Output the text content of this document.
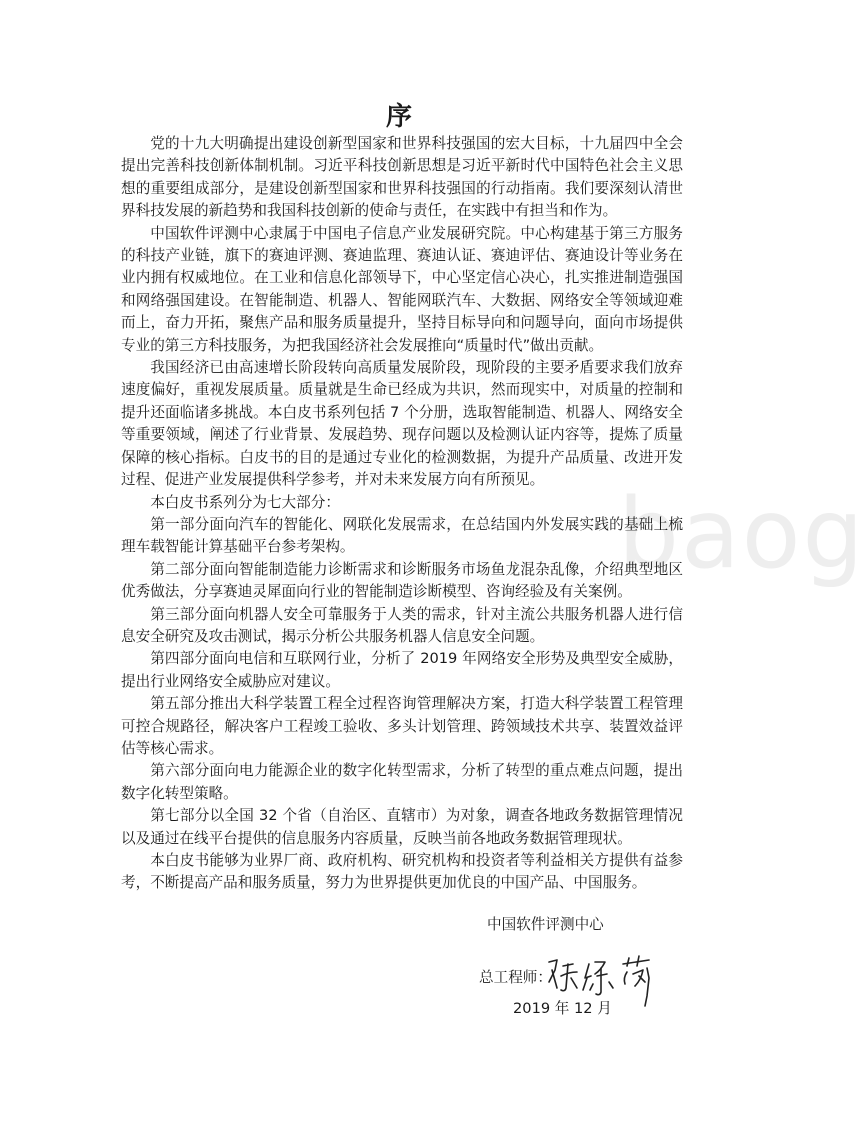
baog
序

党的十九大明确提出建设创新型国家和世界科技强国的宏大目标，十九届四中全会提出完善科技创新体制机制。习近平科技创新思想是习近平新时代中国特色社会主义思想的重要组成部分，是建设创新型国家和世界科技强国的行动指南。我们要深刻认清世界科技发展的新趋势和我国科技创新的使命与责任，在实践中有担当和作为。

中国软件评测中心隶属于中国电子信息产业发展研究院。中心构建基于第三方服务的科技产业链，旗下的赛迪评测、赛迪监理、赛迪认证、赛迪评估、赛迪设计等业务在业内拥有权威地位。在工业和信息化部领导下，中心坚定信心决心，扎实推进制造强国和网络强国建设。在智能制造、机器人、智能网联汽车、大数据、网络安全等领域迎难而上，奋力开拓，聚焦产品和服务质量提升，坚持目标导向和问题导向，面向市场提供专业的第三方科技服务，为把我国经济社会发展推向“质量时代”做出贡献。

我国经济已由高速增长阶段转向高质量发展阶段，现阶段的主要矛盾要求我们放弃速度偏好，重视发展质量。质量就是生命已经成为共识，然而现实中，对质量的控制和提升还面临诸多挑战。本白皮书系列包括 7 个分册，选取智能制造、机器人、网络安全等重要领域，阐述了行业背景、发展趋势、现存问题以及检测认证内容等，提炼了质量保障的核心指标。白皮书的目的是通过专业化的检测数据，为提升产品质量、改进开发过程、促进产业发展提供科学参考，并对未来发展方向有所预见。

本白皮书系列分为七大部分：

第一部分面向汽车的智能化、网联化发展需求，在总结国内外发展实践的基础上梳理车载智能计算基础平台参考架构。

第二部分面向智能制造能力诊断需求和诊断服务市场鱼龙混杂乱像，介绍典型地区优秀做法，分享赛迪灵犀面向行业的智能制造诊断模型、咨询经验及有关案例。

第三部分面向机器人安全可靠服务于人类的需求，针对主流公共服务机器人进行信息安全研究及攻击测试，揭示分析公共服务机器人信息安全问题。

第四部分面向电信和互联网行业，分析了 2019 年网络安全形势及典型安全威胁，提出行业网络安全威胁应对建议。

第五部分推出大科学装置工程全过程咨询管理解决方案，打造大科学装置工程管理可控合规路径，解决客户工程竣工验收、多头计划管理、跨领域技术共享、装置效益评估等核心需求。

第六部分面向电力能源企业的数字化转型需求，分析了转型的重点难点问题，提出数字化转型策略。

第七部分以全国 32 个省（自治区、直辖市）为对象，调查各地政务数据管理情况以及通过在线平台提供的信息服务内容质量，反映当前各地政务数据管理现状。

本白皮书能够为业界厂商、政府机构、研究机构和投资者等利益相关方提供有益参考，不断提高产品和服务质量，努力为世界提供更加优良的中国产品、中国服务。

中国软件评测中心

总工程师：

2019 年 12 月
